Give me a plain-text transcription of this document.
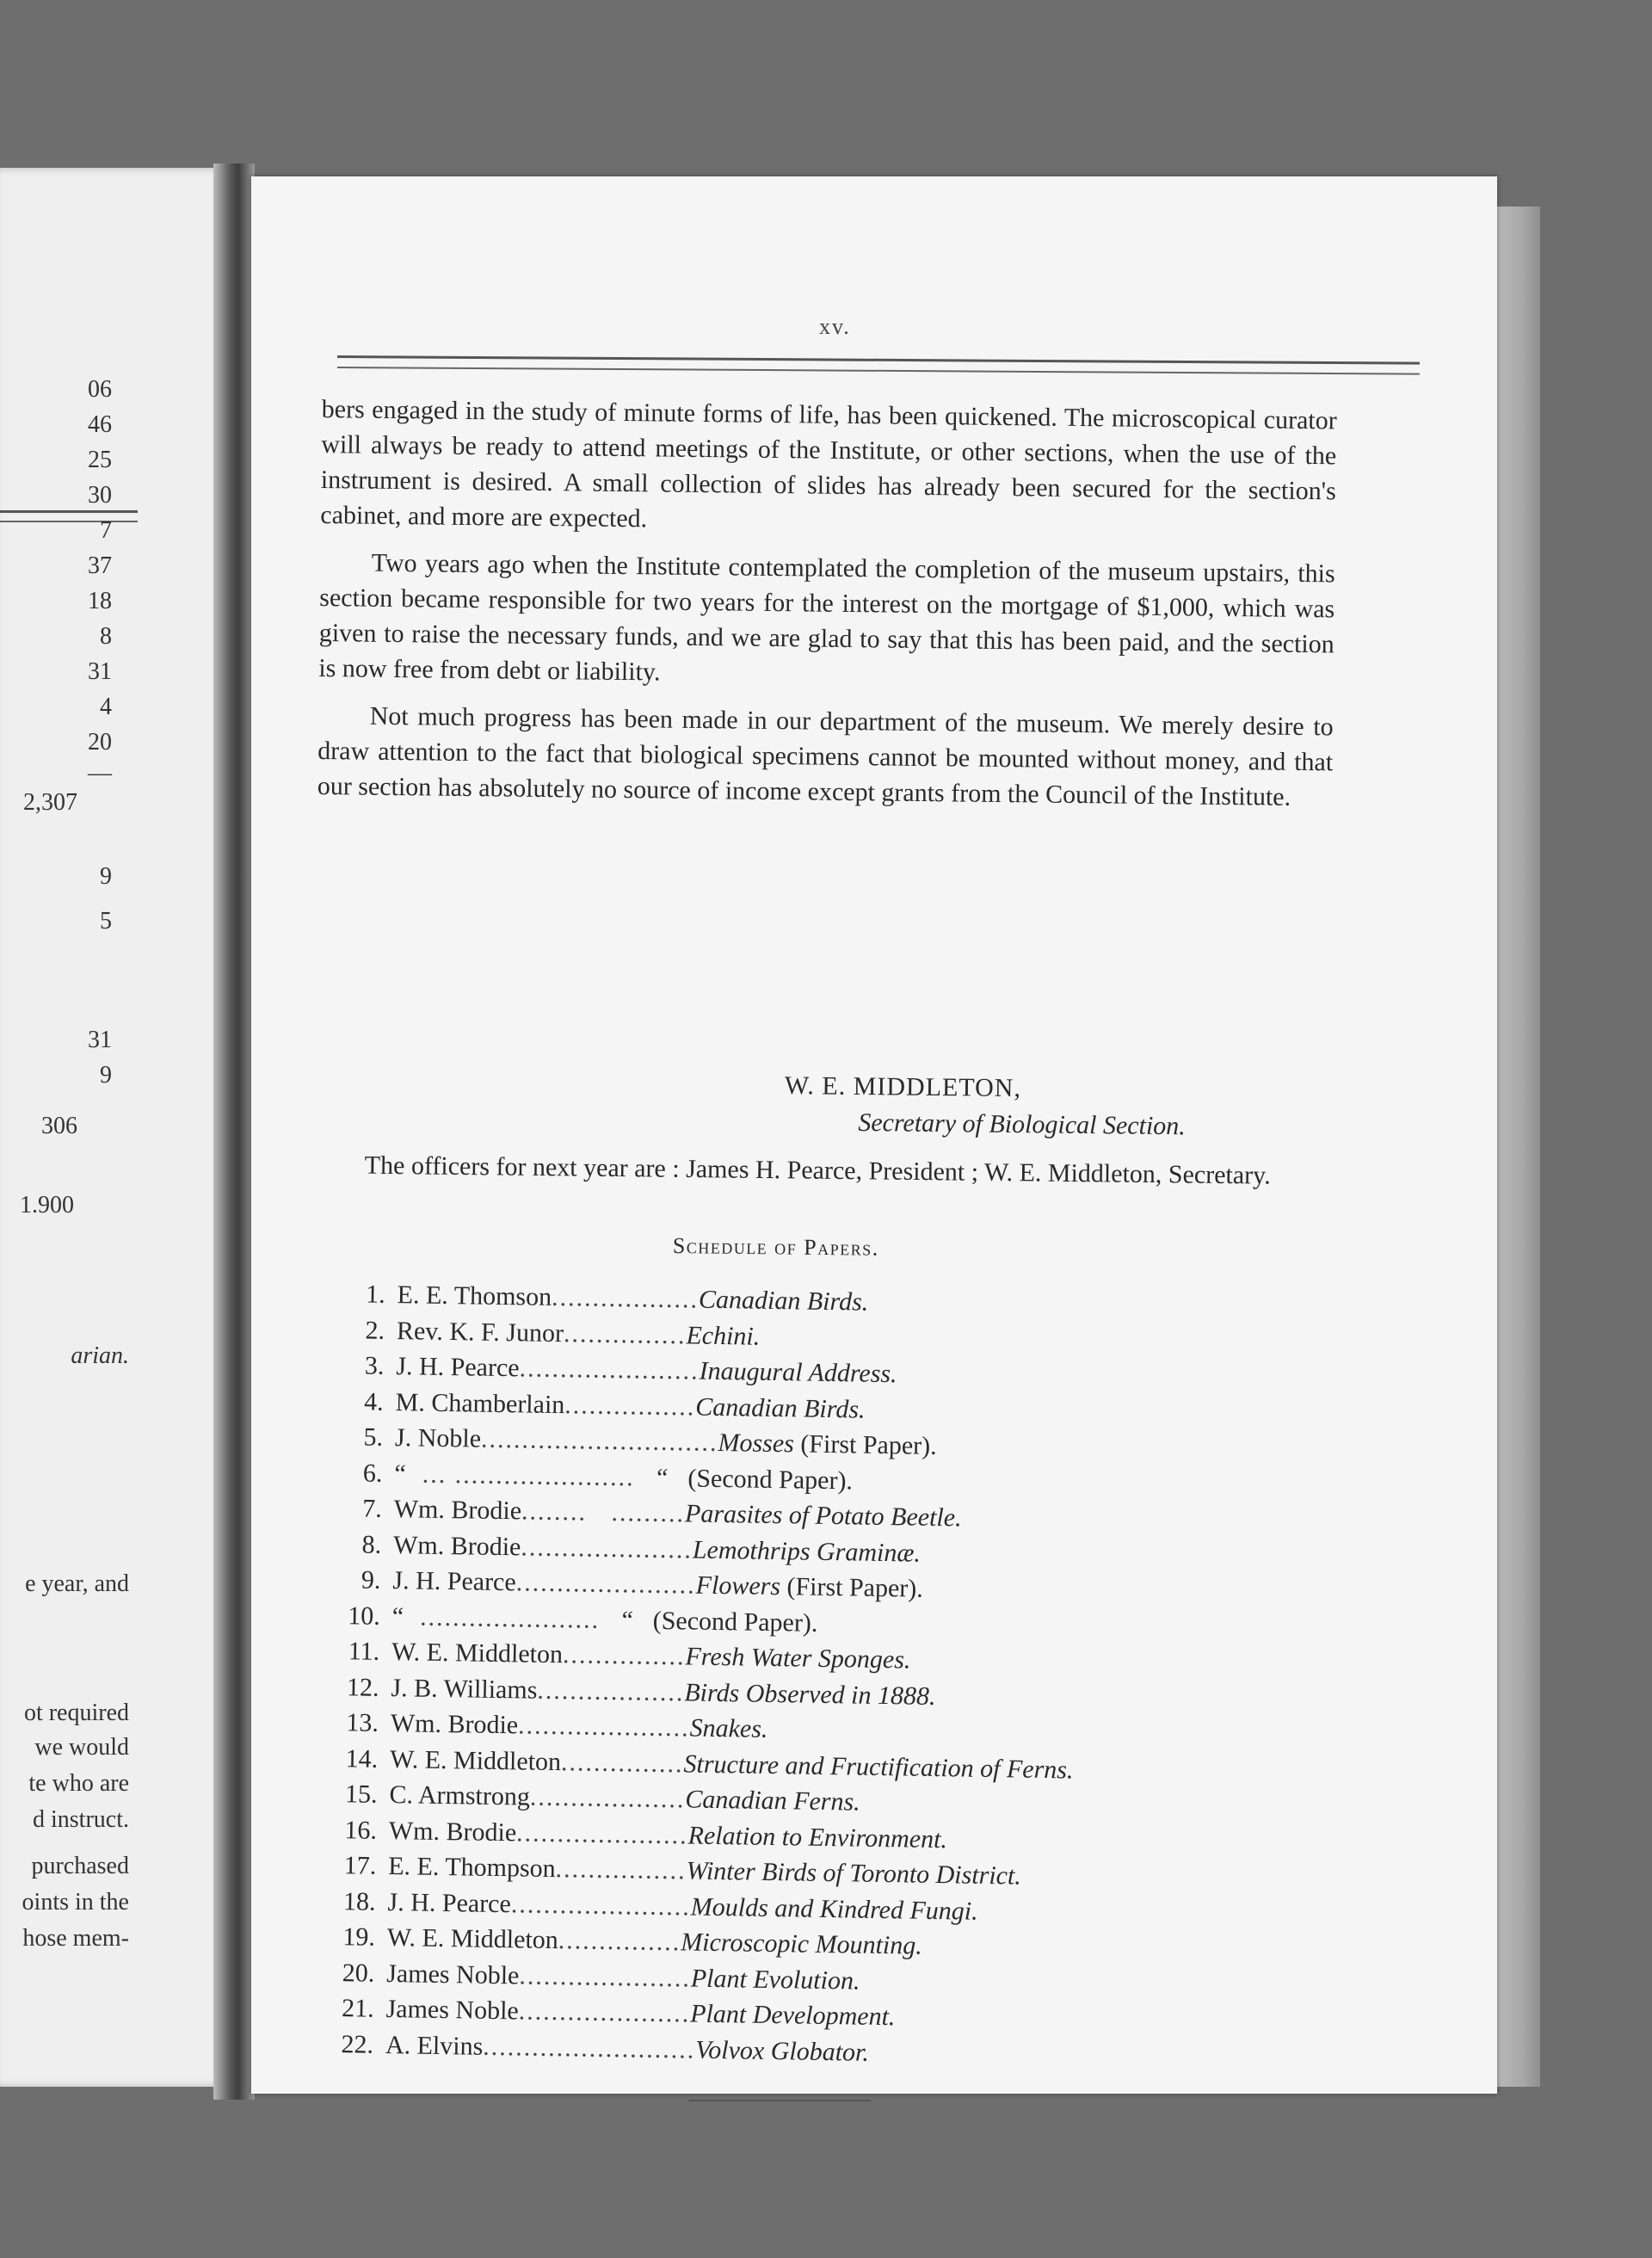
06
46
25
30
7
37
18
8
31
4
20
—
2,307
9
5
31
9
306
1.900
arian.
e year, and
ot required
we would
te who are
d instruct.
purchased
oints in the
hose mem-
xv.

bers engaged in the study of minute forms of life, has been quickened. The microscopical curator will always be ready to attend meetings of the Institute, or other sections, when the use of the instrument is desired. A small collection of slides has already been secured for the section's cabinet, and more are expected.

Two years ago when the Institute contemplated the completion of the museum upstairs, this section became responsible for two years for the interest on the mortgage of $1,000, which was given to raise the necessary funds, and we are glad to say that this has been paid, and the section is now free from debt or liability.

Not much progress has been made in our department of the museum. We merely desire to draw attention to the fact that biological specimens cannot be mounted without money, and that our section has absolutely no source of income except grants from the Council of the Institute.

W. E. MIDDLETON,
Secretary of Biological Section.
The officers for next year are : James H. Pearce, President ; W. E. Middleton, Secretary.
Schedule of Papers.
1. E. E. Thomson..................Canadian Birds.
2. Rev. K. F. Junor...............Echini.
3. J. H. Pearce......................Inaugural Address.
4. M. Chamberlain................Canadian Birds.
5. J. Noble.............................Mosses (First Paper).
6. “  ... ......................   “   (Second Paper).
7. Wm. Brodie........   .........Parasites of Potato Beetle.
8. Wm. Brodie.....................Lemothrips Graminæ.
9. J. H. Pearce......................Flowers (First Paper).
10. “  ......................   “   (Second Paper).
11. W. E. Middleton...............Fresh Water Sponges.
12. J. B. Williams..................Birds Observed in 1888.
13. Wm. Brodie.....................Snakes.
14. W. E. Middleton...............Structure and Fructification of Ferns.
15. C. Armstrong...................Canadian Ferns.
16. Wm. Brodie.....................Relation to Environment.
17. E. E. Thompson................Winter Birds of Toronto District.
18. J. H. Pearce......................Moulds and Kindred Fungi.
19. W. E. Middleton...............Microscopic Mounting.
20. James Noble.....................Plant Evolution.
21. James Noble.....................Plant Development.
22. A. Elvins..........................Volvox Globator.
